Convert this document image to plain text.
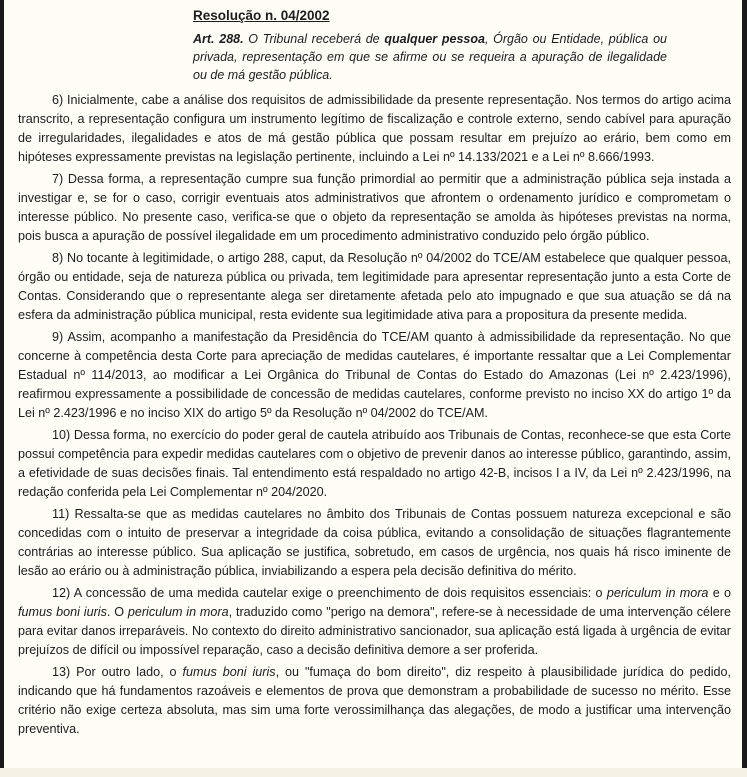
Resolução n. 04/2002
Art. 288. O Tribunal receberá de qualquer pessoa, Órgão ou Entidade, pública ou privada, representação em que se afirme ou se requeira a apuração de ilegalidade ou de má gestão pública.

6) Inicialmente, cabe a análise dos requisitos de admissibilidade da presente representação. Nos termos do artigo acima transcrito, a representação configura um instrumento legítimo de fiscalização e controle externo, sendo cabível para apuração de irregularidades, ilegalidades e atos de má gestão pública que possam resultar em prejuízo ao erário, bem como em hipóteses expressamente previstas na legislação pertinente, incluindo a Lei nº 14.133/2021 e a Lei nº 8.666/1993.

7) Dessa forma, a representação cumpre sua função primordial ao permitir que a administração pública seja instada a investigar e, se for o caso, corrigir eventuais atos administrativos que afrontem o ordenamento jurídico e comprometam o interesse público. No presente caso, verifica-se que o objeto da representação se amolda às hipóteses previstas na norma, pois busca a apuração de possível ilegalidade em um procedimento administrativo conduzido pelo órgão público.

8) No tocante à legitimidade, o artigo 288, caput, da Resolução nº 04/2002 do TCE/AM estabelece que qualquer pessoa, órgão ou entidade, seja de natureza pública ou privada, tem legitimidade para apresentar representação junto a esta Corte de Contas. Considerando que o representante alega ser diretamente afetada pelo ato impugnado e que sua atuação se dá na esfera da administração pública municipal, resta evidente sua legitimidade ativa para a propositura da presente medida.

9) Assim, acompanho a manifestação da Presidência do TCE/AM quanto à admissibilidade da representação. No que concerne à competência desta Corte para apreciação de medidas cautelares, é importante ressaltar que a Lei Complementar Estadual nº 114/2013, ao modificar a Lei Orgânica do Tribunal de Contas do Estado do Amazonas (Lei nº 2.423/1996), reafirmou expressamente a possibilidade de concessão de medidas cautelares, conforme previsto no inciso XX do artigo 1º da Lei nº 2.423/1996 e no inciso XIX do artigo 5º da Resolução nº 04/2002 do TCE/AM.

10) Dessa forma, no exercício do poder geral de cautela atribuído aos Tribunais de Contas, reconhece-se que esta Corte possui competência para expedir medidas cautelares com o objetivo de prevenir danos ao interesse público, garantindo, assim, a efetividade de suas decisões finais. Tal entendimento está respaldado no artigo 42-B, incisos I a IV, da Lei nº 2.423/1996, na redação conferida pela Lei Complementar nº 204/2020.

11) Ressalta-se que as medidas cautelares no âmbito dos Tribunais de Contas possuem natureza excepcional e são concedidas com o intuito de preservar a integridade da coisa pública, evitando a consolidação de situações flagrantemente contrárias ao interesse público. Sua aplicação se justifica, sobretudo, em casos de urgência, nos quais há risco iminente de lesão ao erário ou à administração pública, inviabilizando a espera pela decisão definitiva do mérito.

12) A concessão de uma medida cautelar exige o preenchimento de dois requisitos essenciais: o periculum in mora e o fumus boni iuris. O periculum in mora, traduzido como "perigo na demora", refere-se à necessidade de uma intervenção célere para evitar danos irreparáveis. No contexto do direito administrativo sancionador, sua aplicação está ligada à urgência de evitar prejuízos de difícil ou impossível reparação, caso a decisão definitiva demore a ser proferida.

13) Por outro lado, o fumus boni iuris, ou "fumaça do bom direito", diz respeito à plausibilidade jurídica do pedido, indicando que há fundamentos razoáveis e elementos de prova que demonstram a probabilidade de sucesso no mérito. Esse critério não exige certeza absoluta, mas sim uma forte verossimilhança das alegações, de modo a justificar uma intervenção preventiva.
